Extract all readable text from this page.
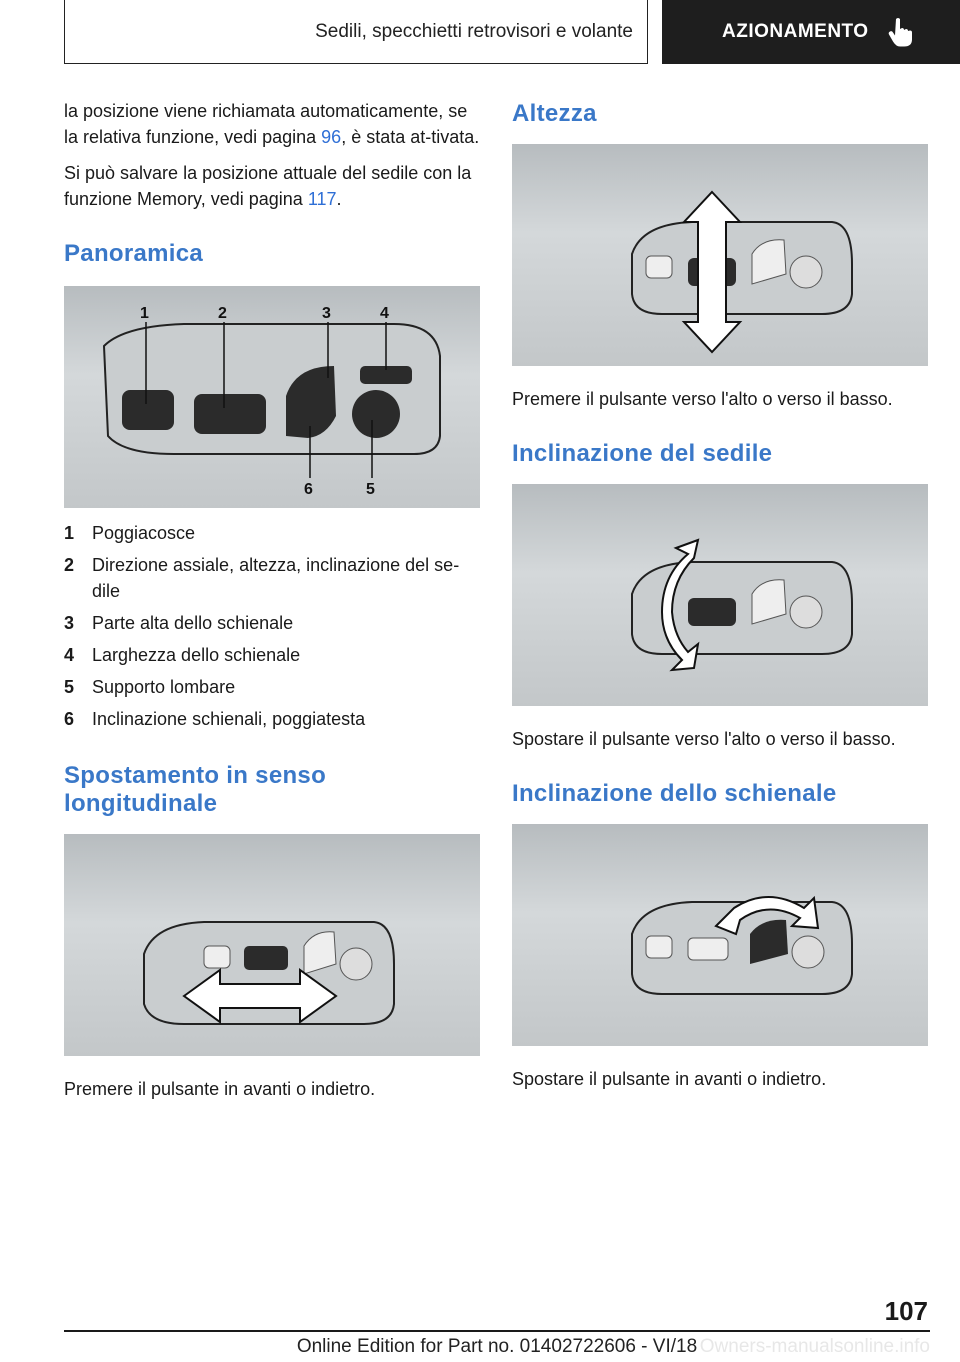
Sedili, specchietti retrovisori e volante	AZIONAMENTO

la posizione viene richiamata automaticamente, se la relativa funzione, vedi pagina 96, è stata at-tivata.

Si può salvare la posizione attuale del sedile con la funzione Memory, vedi pagina 117.

Panoramica
1	2	3	4
6	5
1 Poggiacosce
2 Direzione assiale, altezza, inclinazione del se-dile
3 Parte alta dello schienale
4 Larghezza dello schienale
5 Supporto lombare
6 Inclinazione schienali, poggiatesta
Spostamento in senso longitudinale

Premere il pulsante in avanti o indietro.

Altezza

Premere il pulsante verso l'alto o verso il basso.

Inclinazione del sedile

Spostare il pulsante verso l'alto o verso il basso.

Inclinazione dello schienale

Spostare il pulsante in avanti o indietro.

107
Online Edition for Part no. 01402722606 - VI/18 Owners-manualsonline.info
